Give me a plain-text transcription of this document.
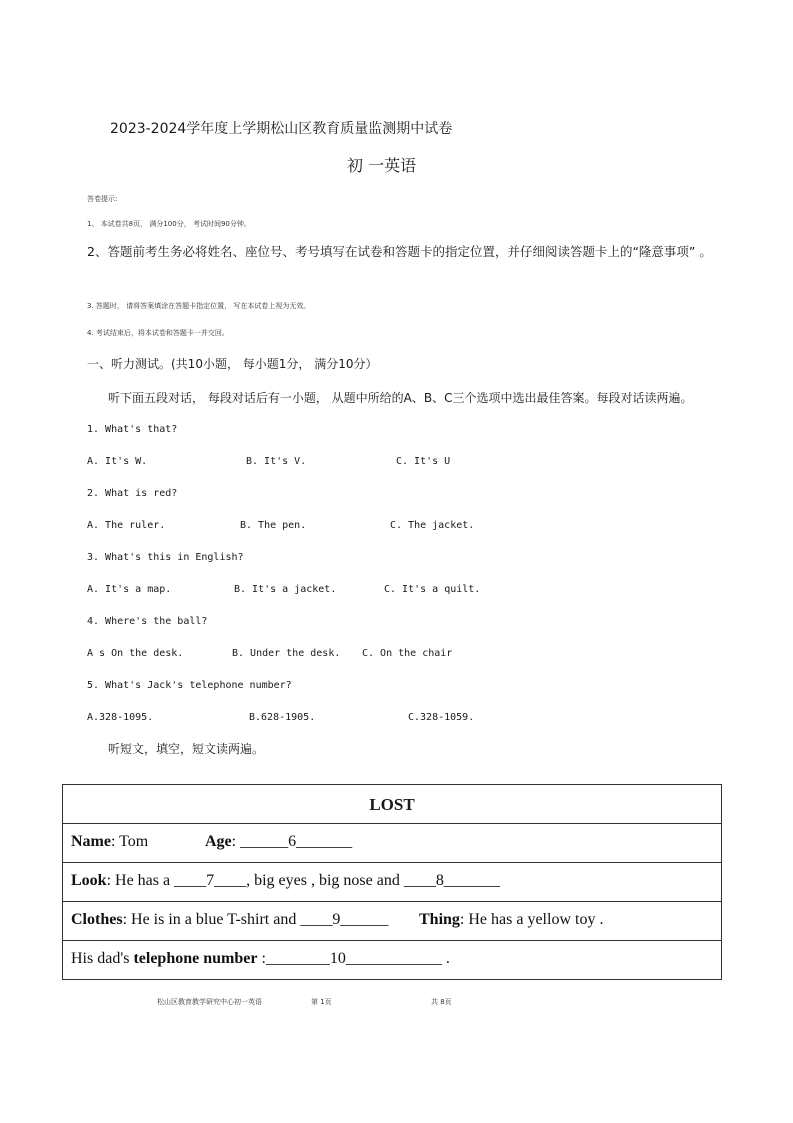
2023-2024学年度上学期松山区教育质量监测期中试卷
初 一英语
答卷提示:
1、 本试卷共8页， 满分100分， 考试时间90分钟。
2、答题前考生务必将姓名、座位号、考号填写在试卷和答题卡的指定位置，并仔细阅读答题卡上的“隆意事项” 。
3. 答题时， 请将答案填涂在答题卡指定位置， 写在本试卷上视为无效。
4. 考试结束后，将本试卷和答题卡一并交回。
一、听力测试。(共10小题， 每小题1分， 满分10分）
听下面五段对话， 每段对话后有一小题， 从题中所给的A、B、C三个选项中选出最佳答案。每段对话读两遍。
1. What's that?
A. It's W.	B. It's V.	C. It's U
2. What is red?
A. The ruler.	B. The pen.	C. The jacket.
3. What's this in English?
A. It's a map.	B. It's a jacket.	C. It's a quilt.
4. Where's the ball?
A s On the desk.	B. Under the desk. C. On the chair
5. What's Jack's telephone number?
A.328-1095.	B.628-1905.	C.328-1059.
听短文，填空，短文读两遍。
LOST
Name: Tom	Age: ______6_______
Look: He has a ____7____, big eyes , big nose and ____8_______
Clothes: He is in a blue T-shirt and ____9______ Thing: He has a yellow toy .
His dad's telephone number :________10____________ .
松山区教育教学研究中心初一英语	第 1页	共 8页
